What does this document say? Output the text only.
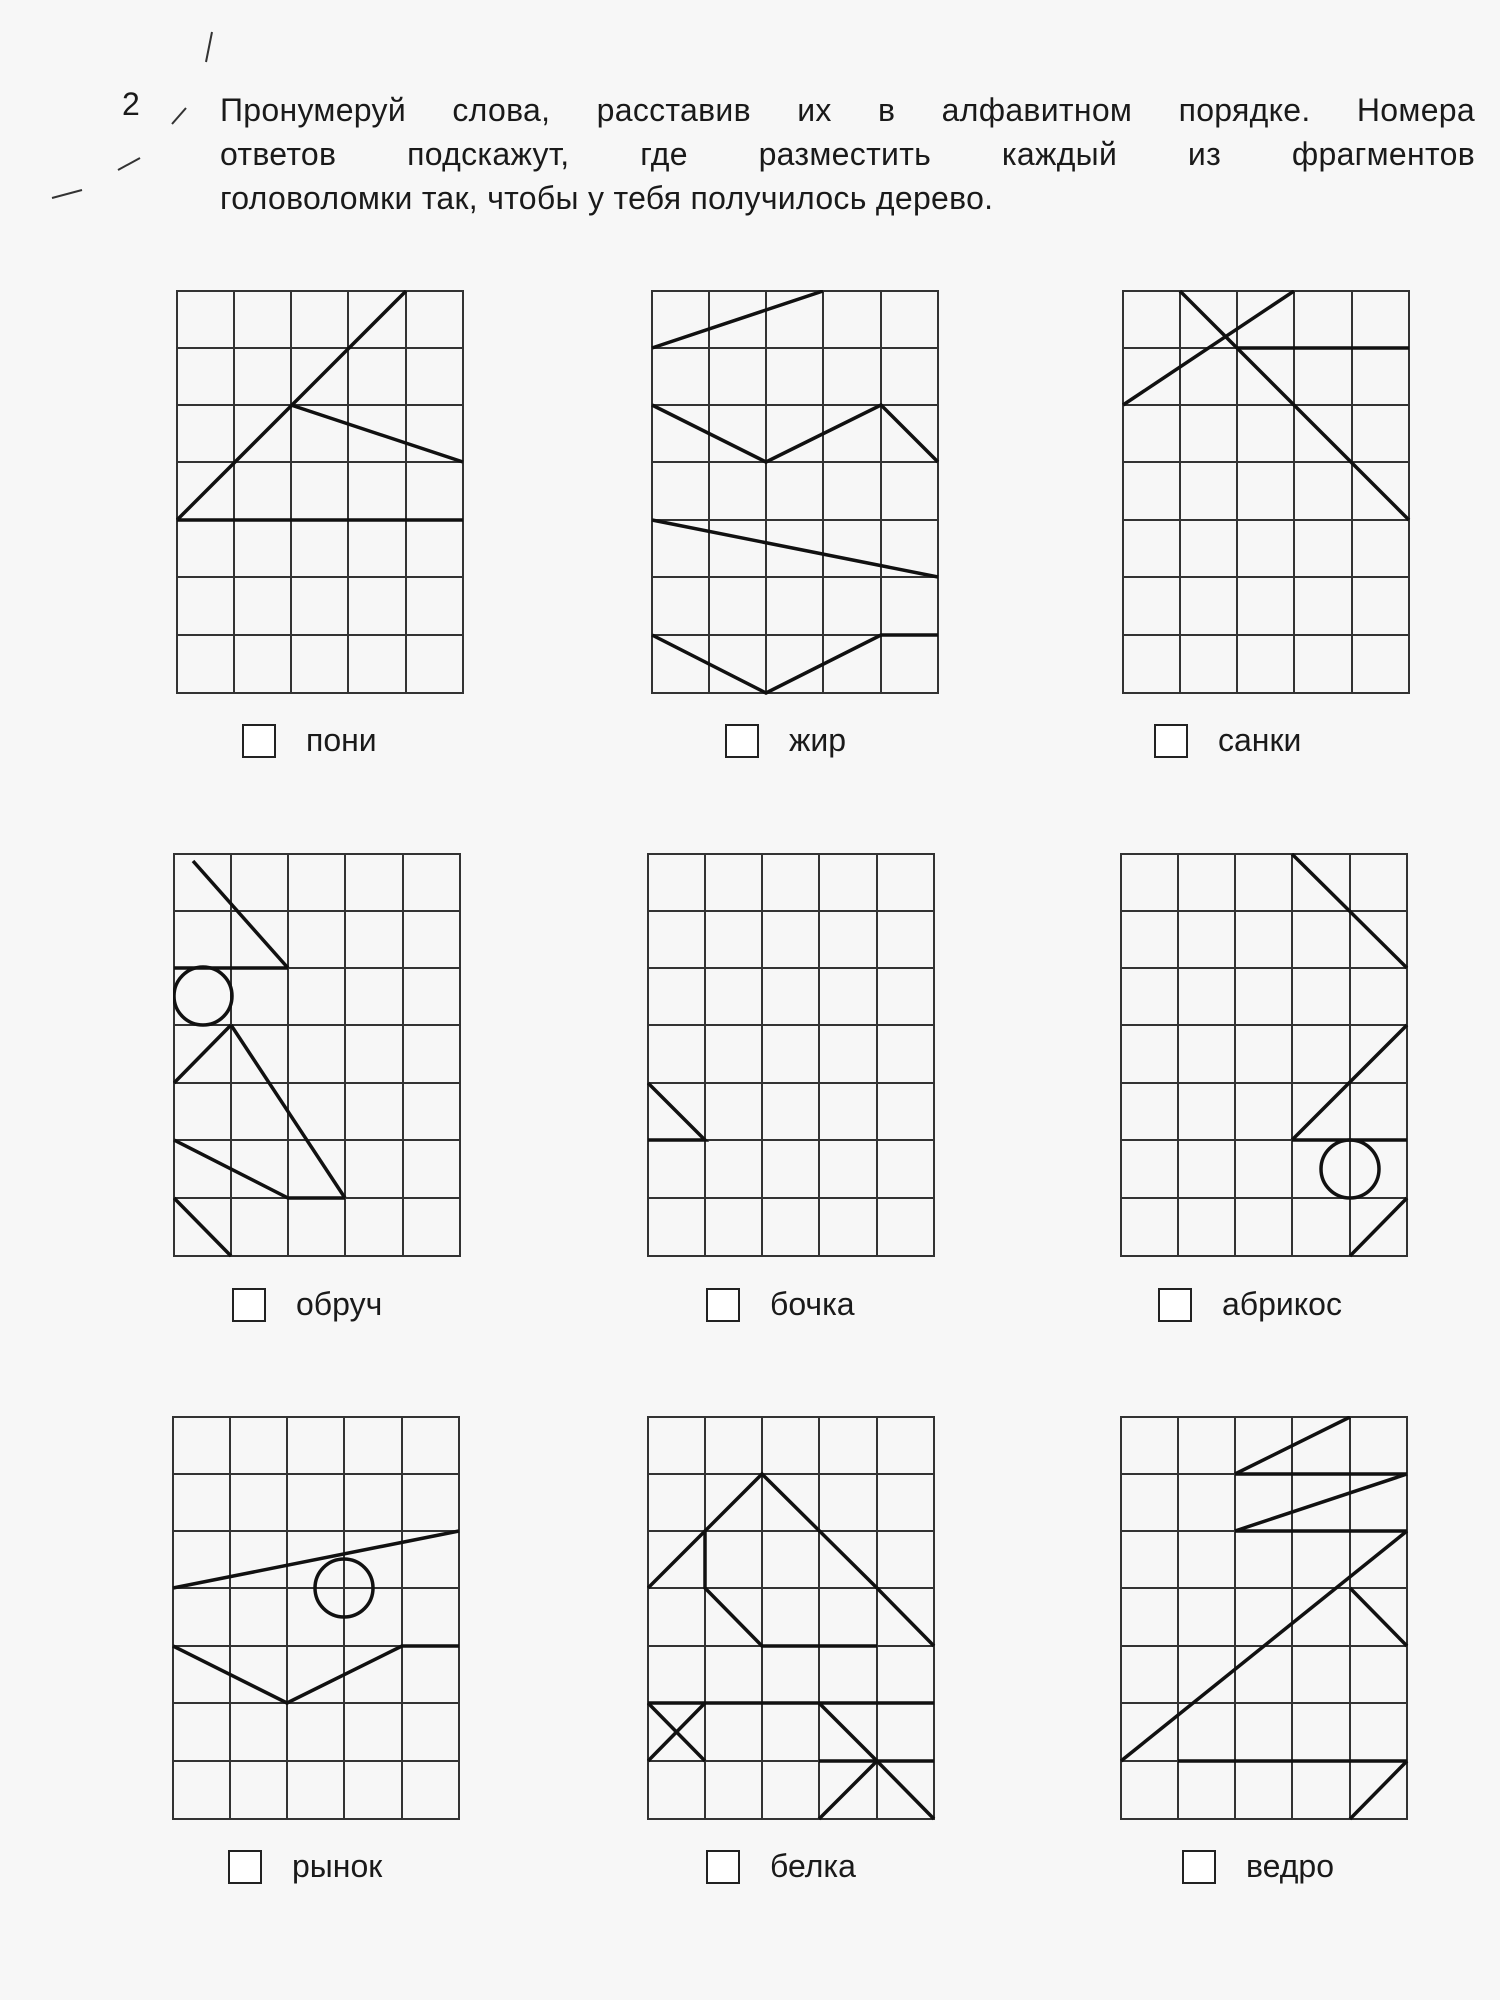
2	Пронумеруй слова, расставив их в алфавитном порядке. Номера
ответов подскажут, где разместить каждый из фрагментов
головоломки так, чтобы у тебя получилось дерево.
пони	жир	санки
обруч	бочка	абрикос
рынок	белка	ведро
